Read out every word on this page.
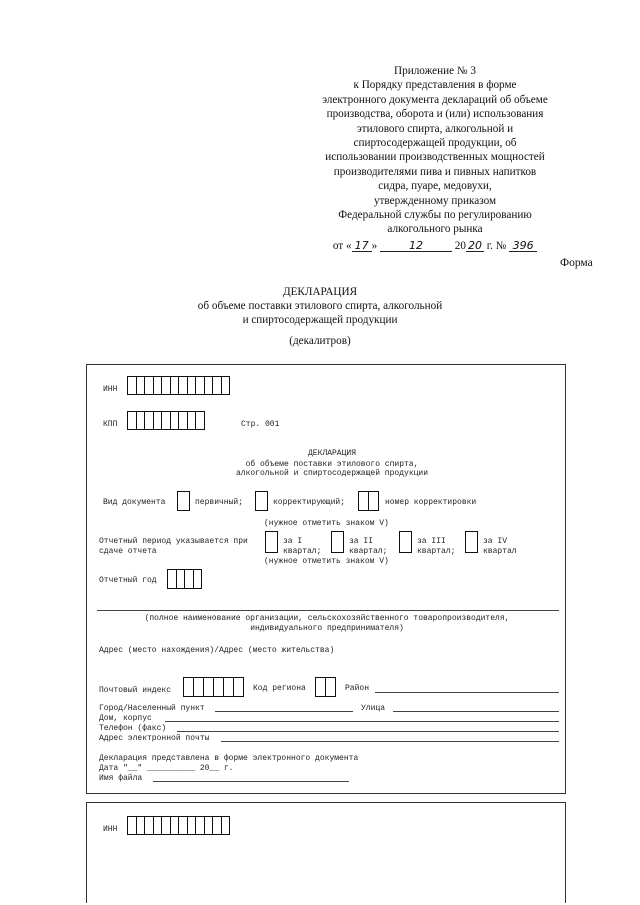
Приложение № 3
к Порядку представления в форме
электронного документа деклараций об объеме
производства, оборота и (или) использования
этилового спирта, алкогольной и
спиртосодержащей продукции, об
использовании производственных мощностей
производителями пива и пивных напитков
сидра, пуаре, медовухи,
утвержденному приказом
Федеральной службы по регулированию
алкогольного рынка
от « 17 »	12	20 20 г. № 396
Форма
ДЕКЛАРАЦИЯ
об объеме поставки этилового спирта, алкогольной
и спиртосодержащей продукции
(декалитров)
ИНН
КПП	Стр. 001
ДЕКЛАРАЦИЯ
об объеме поставки этилового спирта,
алкогольной и спиртосодержащей продукции
Вид документа	первичный;	корректирующий;	номер корректировки
(нужное отметить знаком V)
Отчетный период указывается при
сдаче отчета
за I
квартал;
за II
квартал;
за III
квартал;
за IV
квартал
(нужное отметить знаком V)
Отчетный год
(полное наименование организации, сельскохозяйственного товаропроизводителя,
индивидуального предпринимателя)
Адрес (место нахождения)/Адрес (место жительства)
Почтовый индекс	Код региона	Район
Город/Населенный пункт	Улица
Дом, корпус
Телефон (факс)
Адрес электронной почты
Декларация представлена в форме электронного документа
Дата "__" __________ 20__ г.
Имя файла
ИНН
